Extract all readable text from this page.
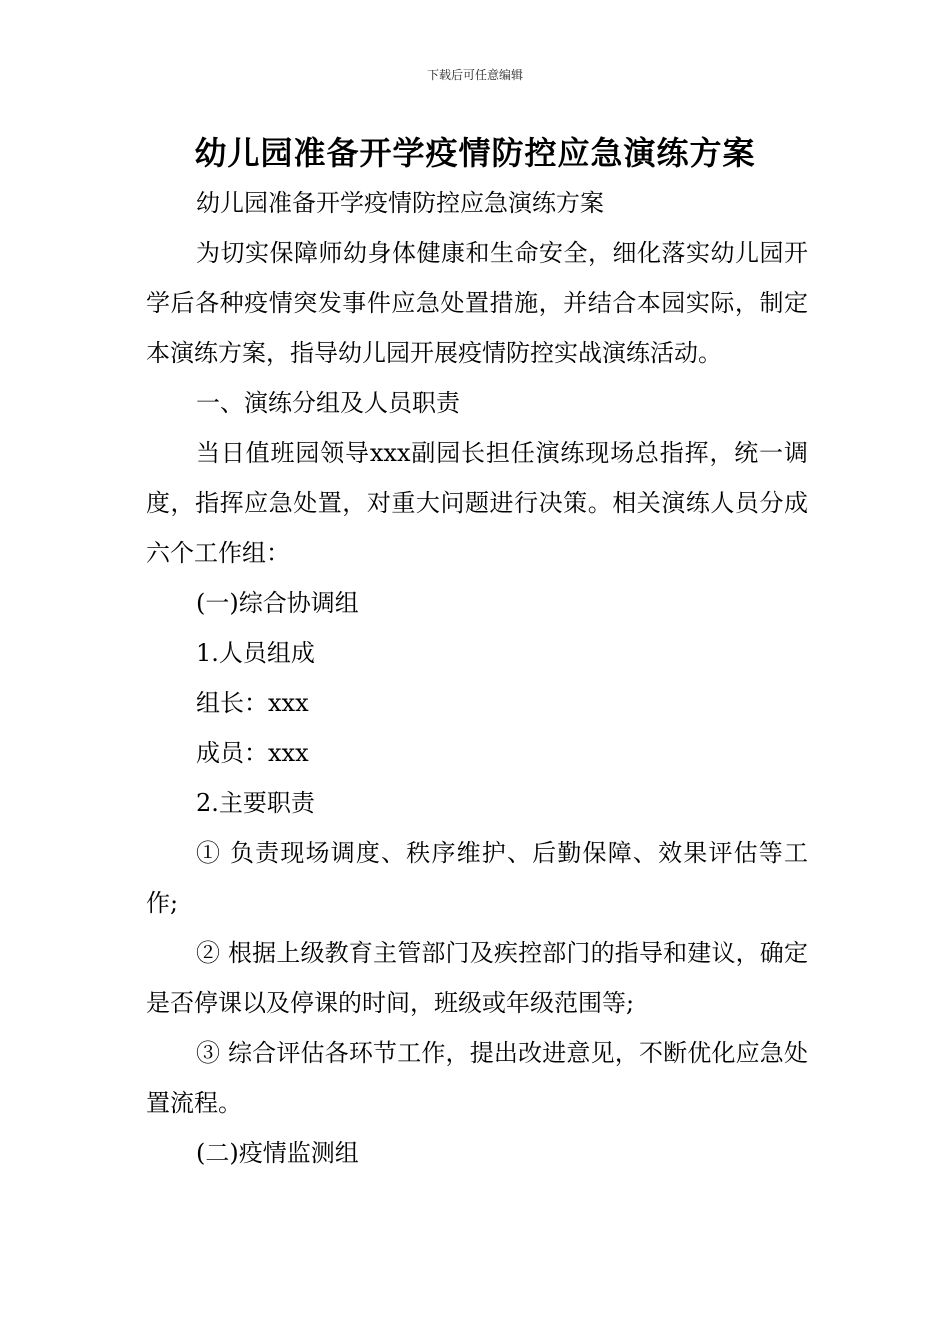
下载后可任意编辑
幼儿园准备开学疫情防控应急演练方案

幼儿园准备开学疫情防控应急演练方案

为切实保障师幼身体健康和生命安全，细化落实幼儿园开学后各种疫情突发事件应急处置措施，并结合本园实际，制定本演练方案，指导幼儿园开展疫情防控实战演练活动。

一、演练分组及人员职责

当日值班园领导xxx副园长担任演练现场总指挥，统一调度，指挥应急处置，对重大问题进行决策。相关演练人员分成六个工作组：

(一)综合协调组

1.人员组成

组长：xxx

成员：xxx

2.主要职责

① 负责现场调度、秩序维护、后勤保障、效果评估等工作;

② 根据上级教育主管部门及疾控部门的指导和建议，确定是否停课以及停课的时间，班级或年级范围等;

③ 综合评估各环节工作，提出改进意见，不断优化应急处置流程。

(二)疫情监测组
